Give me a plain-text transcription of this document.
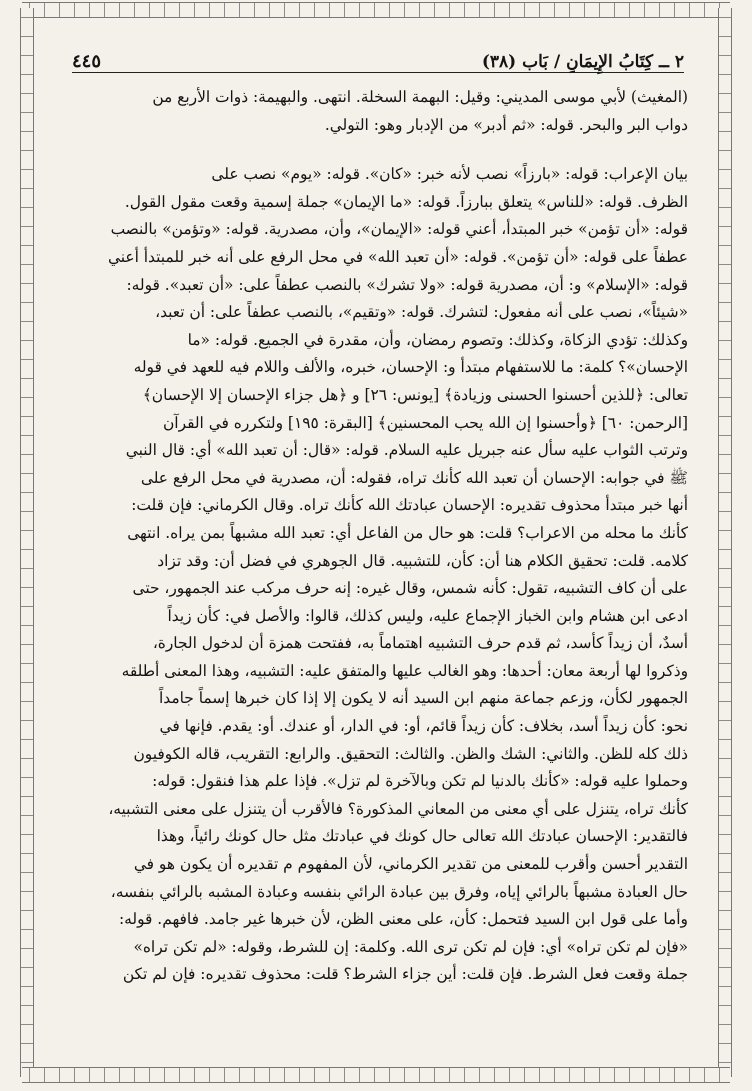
٢ ــ كِتَابُ الإِيمَانِ / بَاب (٣٨)
٤٤٥

(المغيث) لأبي موسى المديني: وقيل: البهمة السخلة. انتهى. والبهيمة: ذوات الأربع من
دواب البر والبحر. قوله: «ثم أدبر» من الإدبار وهو: التولي.

بيان الإعراب: قوله: «بارزاً» نصب لأنه خبر: «كان». قوله: «يوم» نصب على
الظرف. قوله: «للناس» يتعلق ببارزاً. قوله: «ما الإيمان» جملة إسمية وقعت مقول القول.
قوله: «أن تؤمن» خبر المبتدأ، أعني قوله: «الإيمان»، وأن، مصدرية. قوله: «وتؤمن» بالنصب
عطفاً على قوله: «أن تؤمن». قوله: «أن تعبد الله» في محل الرفع على أنه خبر للمبتدأ أعني
قوله: «الإسلام» و: أن، مصدرية قوله: «ولا تشرك» بالنصب عطفاً على: «أن تعبد». قوله:
«شيئاً»، نصب على أنه مفعول: لتشرك. قوله: «وتقيم»، بالنصب عطفاً على: أن تعبد،
وكذلك: تؤدي الزكاة، وكذلك: وتصوم رمضان، وأن، مقدرة في الجميع. قوله: «ما
الإحسان»؟ كلمة: ما للاستفهام مبتدأ و: الإحسان، خبره، والألف واللام فيه للعهد في قوله
تعالى: ﴿للذين أحسنوا الحسنى وزيادة﴾ [يونس: ٢٦] و ﴿هل جزاء الإحسان إلا الإحسان﴾
[الرحمن: ٦٠] ﴿وأحسنوا إن الله يحب المحسنين﴾ [البقرة: ١٩٥] ولتكرره في القرآن
وترتب الثواب عليه سأل عنه جبريل عليه السلام. قوله: «قال: أن تعبد الله» أي: قال النبي
ﷺ في جوابه: الإحسان أن تعبد الله كأنك تراه، فقوله: أن، مصدرية في محل الرفع على
أنها خبر مبتدأ محذوف تقديره: الإحسان عبادتك الله كأنك تراه. وقال الكرماني: فإن قلت:
كأنك ما محله من الاعراب؟ قلت: هو حال من الفاعل أي: تعبد الله مشبهاً بمن يراه. انتهى
كلامه. قلت: تحقيق الكلام هنا أن: كأن، للتشبيه. قال الجوهري في فضل أن: وقد تزاد
على أن كاف التشبيه، تقول: كأنه شمس، وقال غيره: إنه حرف مركب عند الجمهور، حتى
ادعى ابن هشام وابن الخباز الإجماع عليه، وليس كذلك، قالوا: والأصل في: كأن زيداً
أسدٌ، أن زيداً كأسد، ثم قدم حرف التشبيه اهتماماً به، ففتحت همزة أن لدخول الجارة،
وذكروا لها أربعة معان: أحدها: وهو الغالب عليها والمتفق عليه: التشبيه، وهذا المعنى أطلقه
الجمهور لكأن، وزعم جماعة منهم ابن السيد أنه لا يكون إلا إذا كان خبرها إسماً جامداً
نحو: كأن زيداً أسد، بخلاف: كأن زيداً قائم، أو: في الدار، أو عندك. أو: يقدم. فإنها في
ذلك كله للظن. والثاني: الشك والظن. والثالث: التحقيق. والرابع: التقريب، قاله الكوفيون
وحملوا عليه قوله: «كأنك بالدنيا لم تكن وبالآخرة لم تزل». فإذا علم هذا فنقول: قوله:
كأنك تراه، يتنزل على أي معنى من المعاني المذكورة؟ فالأقرب أن يتنزل على معنى التشبيه،
فالتقدير: الإحسان عبادتك الله تعالى حال كونك في عبادتك مثل حال كونك رائياً، وهذا
التقدير أحسن وأقرب للمعنى من تقدير الكرماني، لأن المفهوم م تقديره أن يكون هو في
حال العبادة مشبهاً بالرائي إياه، وفرق بين عبادة الرائي بنفسه وعبادة المشبه بالرائي بنفسه،
وأما على قول ابن السيد فتحمل: كأن، على معنى الظن، لأن خبرها غير جامد. فافهم. قوله:
«فإن لم تكن تراه» أي: فإن لم تكن ترى الله. وكلمة: إن للشرط، وقوله: «لم تكن تراه»
جملة وقعت فعل الشرط. فإن قلت: أين جزاء الشرط؟ قلت: محذوف تقديره: فإن لم تكن
